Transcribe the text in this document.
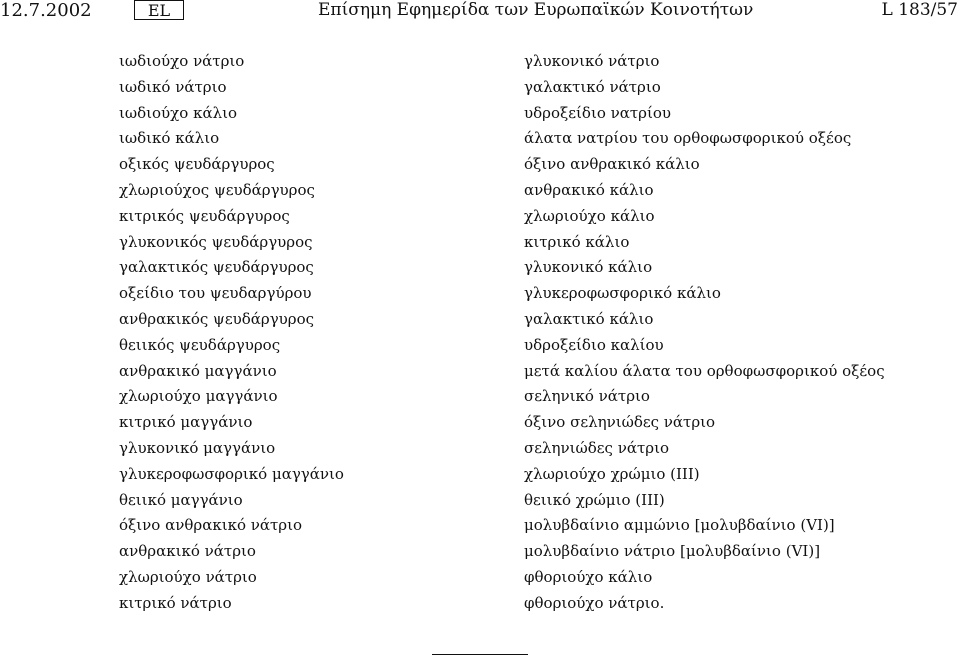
12.7.2002	EL	Επίσημη Εφημερίδα των Ευρωπαϊκών Κοινοτήτων	L 183/57
ιωδιούχο νάτριο
ιωδικό νάτριο
ιωδιούχο κάλιο
ιωδικό κάλιο
οξικός ψευδάργυρος
χλωριούχος ψευδάργυρος
κιτρικός ψευδάργυρος
γλυκονικός ψευδάργυρος
γαλακτικός ψευδάργυρος
οξείδιο του ψευδαργύρου
ανθρακικός ψευδάργυρος
θειικός ψευδάργυρος
ανθρακικό μαγγάνιο
χλωριούχο μαγγάνιο
κιτρικό μαγγάνιο
γλυκονικό μαγγάνιο
γλυκεροφωσφορικό μαγγάνιο
θειικό μαγγάνιο
όξινο ανθρακικό νάτριο
ανθρακικό νάτριο
χλωριούχο νάτριο
κιτρικό νάτριο
γλυκονικό νάτριο
γαλακτικό νάτριο
υδροξείδιο νατρίου
άλατα νατρίου του ορθοφωσφορικού οξέος
όξινο ανθρακικό κάλιο
ανθρακικό κάλιο
χλωριούχο κάλιο
κιτρικό κάλιο
γλυκονικό κάλιο
γλυκεροφωσφορικό κάλιο
γαλακτικό κάλιο
υδροξείδιο καλίου
μετά καλίου άλατα του ορθοφωσφορικού οξέος
σεληνικό νάτριο
όξινο σεληνιώδες νάτριο
σεληνιώδες νάτριο
χλωριούχο χρώμιο (ΙΙΙ)
θειικό χρώμιο (ΙΙΙ)
μολυβδαίνιο αμμώνιο [μολυβδαίνιο (VI)]
μολυβδαίνιο νάτριο [μολυβδαίνιο (VI)]
φθοριούχο κάλιο
φθοριούχο νάτριο.
